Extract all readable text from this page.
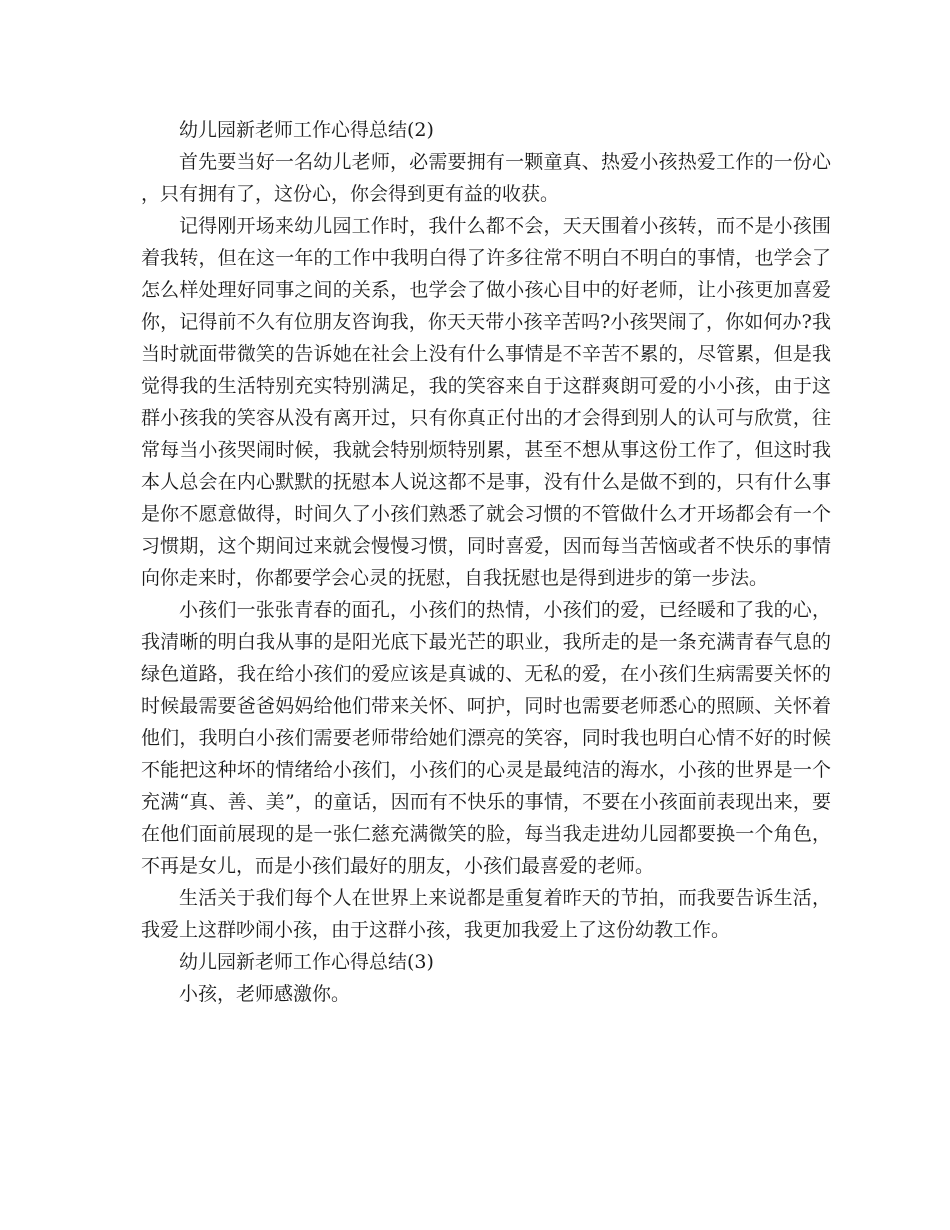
幼儿园新老师工作心得总结(2)

首先要当好一名幼儿老师，必需要拥有一颗童真、热爱小孩热爱工作的一份心，只有拥有了，这份心，你会得到更有益的收获。

记得刚开场来幼儿园工作时，我什么都不会，天天围着小孩转，而不是小孩围着我转，但在这一年的工作中我明白得了许多往常不明白不明白的事情，也学会了怎么样处理好同事之间的关系，也学会了做小孩心目中的好老师，让小孩更加喜爱你，记得前不久有位朋友咨询我，你天天带小孩辛苦吗?小孩哭闹了，你如何办?我当时就面带微笑的告诉她在社会上没有什么事情是不辛苦不累的，尽管累，但是我觉得我的生活特别充实特别满足，我的笑容来自于这群爽朗可爱的小小孩，由于这群小孩我的笑容从没有离开过，只有你真正付出的才会得到别人的认可与欣赏，往常每当小孩哭闹时候，我就会特别烦特别累，甚至不想从事这份工作了，但这时我本人总会在内心默默的抚慰本人说这都不是事，没有什么是做不到的，只有什么事是你不愿意做得，时间久了小孩们熟悉了就会习惯的不管做什么才开场都会有一个习惯期，这个期间过来就会慢慢习惯，同时喜爱，因而每当苦恼或者不快乐的事情向你走来时，你都要学会心灵的抚慰，自我抚慰也是得到进步的第一步法。

小孩们一张张青春的面孔，小孩们的热情，小孩们的爱，已经暖和了我的心，我清晰的明白我从事的是阳光底下最光芒的职业，我所走的是一条充满青春气息的绿色道路，我在给小孩们的爱应该是真诚的、无私的爱，在小孩们生病需要关怀的时候最需要爸爸妈妈给他们带来关怀、呵护，同时也需要老师悉心的照顾、关怀着他们，我明白小孩们需要老师带给她们漂亮的笑容，同时我也明白心情不好的时候不能把这种坏的情绪给小孩们，小孩们的心灵是最纯洁的海水，小孩的世界是一个充满“真、善、美”，的童话，因而有不快乐的事情，不要在小孩面前表现出来，要在他们面前展现的是一张仁慈充满微笑的脸，每当我走进幼儿园都要换一个角色，不再是女儿，而是小孩们最好的朋友，小孩们最喜爱的老师。

生活关于我们每个人在世界上来说都是重复着昨天的节拍，而我要告诉生活，我爱上这群吵闹小孩，由于这群小孩，我更加我爱上了这份幼教工作。

幼儿园新老师工作心得总结(3)

小孩，老师感激你。
